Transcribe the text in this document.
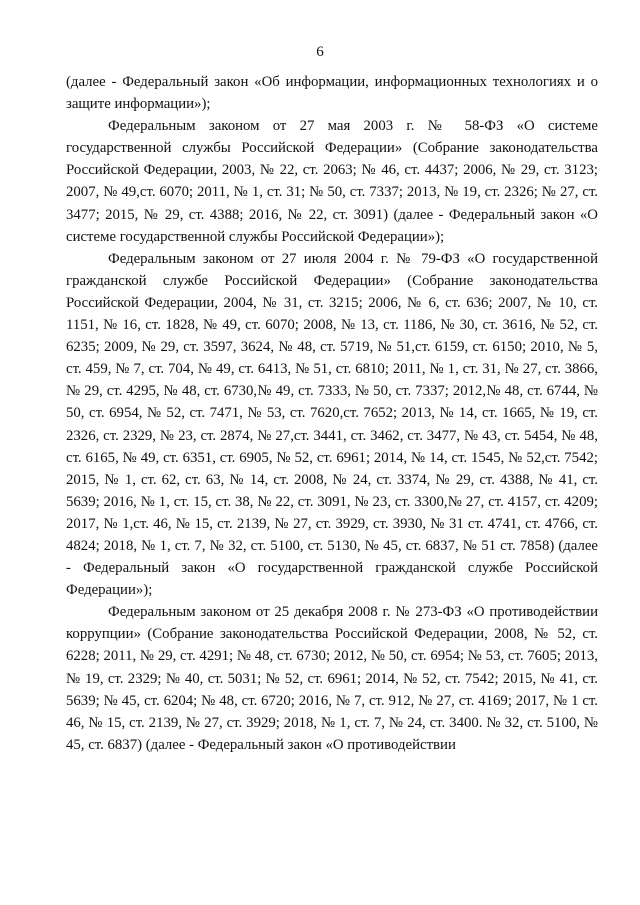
6

(далее - Федеральный закон «Об информации, информационных технологиях и о защите информации»);

Федеральным законом от 27 мая 2003 г. № 58-ФЗ «О системе государственной службы Российской Федерации» (Собрание законодательства Российской Федерации, 2003, № 22, ст. 2063; № 46, ст. 4437; 2006, № 29, ст. 3123; 2007, № 49,ст. 6070; 2011, № 1, ст. 31; № 50, ст. 7337; 2013, № 19, ст. 2326; № 27, ст. 3477; 2015, № 29, ст. 4388; 2016, № 22, ст. 3091) (далее - Федеральный закон «О системе государственной службы Российской Федерации»);

Федеральным законом от 27 июля 2004 г. № 79-ФЗ «О государственной гражданской службе Российской Федерации» (Собрание законодательства Российской Федерации, 2004, № 31, ст. 3215; 2006, № 6, ст. 636; 2007, № 10, ст. 1151, № 16, ст. 1828, № 49, ст. 6070; 2008, № 13, ст. 1186, № 30, ст. 3616, № 52, ст. 6235; 2009, № 29, ст. 3597, 3624, № 48, ст. 5719, № 51,ст. 6159, ст. 6150; 2010, № 5, ст. 459, № 7, ст. 704, № 49, ст. 6413, № 51, ст. 6810; 2011, № 1, ст. 31, № 27, ст. 3866, № 29, ст. 4295, № 48, ст. 6730,№ 49, ст. 7333, № 50, ст. 7337; 2012,№ 48, ст. 6744, № 50, ст. 6954, № 52, ст. 7471, № 53, ст. 7620,ст. 7652; 2013, № 14, ст. 1665, № 19, ст. 2326, ст. 2329, № 23, ст. 2874, № 27,ст. 3441, ст. 3462, ст. 3477, № 43, ст. 5454, № 48, ст. 6165, № 49, ст. 6351, ст. 6905, № 52, ст. 6961; 2014, № 14, ст. 1545, № 52,ст. 7542; 2015, № 1, ст. 62, ст. 63, № 14, ст. 2008, № 24, ст. 3374, № 29, ст. 4388, № 41, ст. 5639; 2016, № 1, ст. 15, ст. 38, № 22, ст. 3091, № 23, ст. 3300,№ 27, ст. 4157, ст. 4209; 2017, № 1,ст. 46, № 15, ст. 2139, № 27, ст. 3929, ст. 3930, № 31 ст. 4741, ст. 4766, ст. 4824; 2018, № 1, ст. 7, № 32, ст. 5100, ст. 5130, № 45, ст. 6837, № 51 ст. 7858) (далее - Федеральный закон «О государственной гражданской службе Российской Федерации»);

Федеральным законом от 25 декабря 2008 г. № 273-ФЗ «О противодействии коррупции» (Собрание законодательства Российской Федерации, 2008, № 52, ст. 6228; 2011, № 29, ст. 4291; № 48, ст. 6730; 2012, № 50, ст. 6954; № 53, ст. 7605; 2013, № 19, ст. 2329; № 40, ст. 5031; № 52, ст. 6961; 2014, № 52, ст. 7542; 2015, № 41, ст. 5639; № 45, ст. 6204; № 48, ст. 6720; 2016, № 7, ст. 912, № 27, ст. 4169; 2017, № 1 ст. 46, № 15, ст. 2139, № 27, ст. 3929; 2018, № 1, ст. 7, № 24, ст. 3400. № 32, ст. 5100, № 45, ст. 6837) (далее - Федеральный закон «О противодействии
